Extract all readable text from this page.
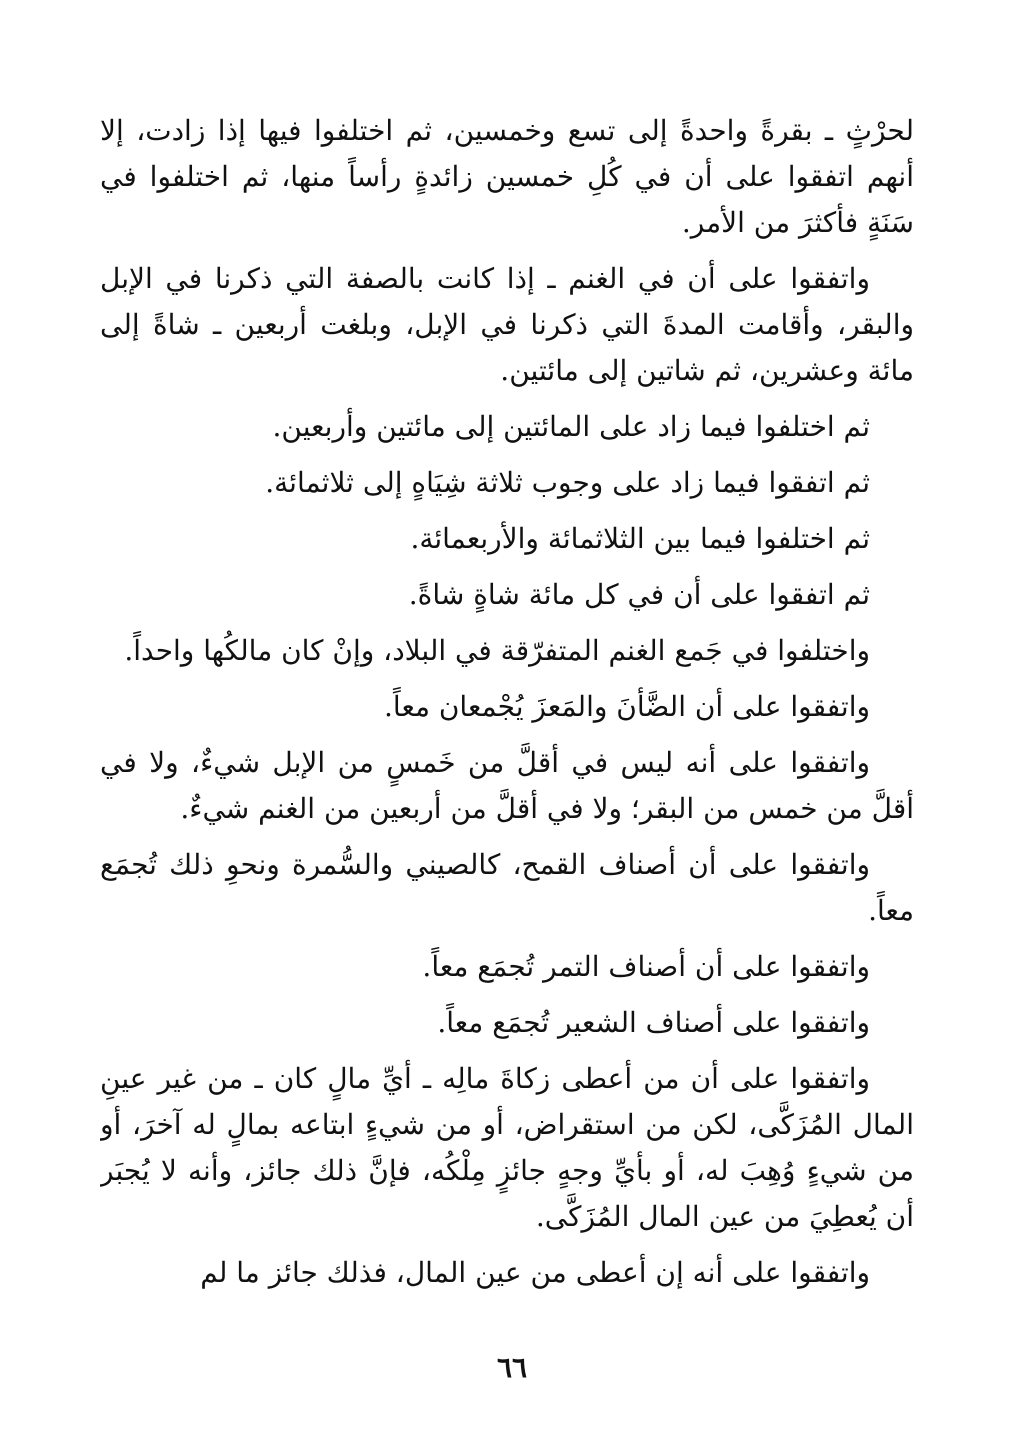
لحرْثٍ ـ بقرةً واحدةً إلى تسع وخمسين، ثم اختلفوا فيها إذا زادت، إلا أنهم اتفقوا على أن في كُلِ خمسين زائدةٍ رأساً منها، ثم اختلفوا في سَنَةٍ فأكثرَ من الأمر.

واتفقوا على أن في الغنم ـ إذا كانت بالصفة التي ذكرنا في الإبل والبقر، وأقامت المدةَ التي ذكرنا في الإبل، وبلغت أربعين ـ شاةً إلى مائة وعشرين، ثم شاتين إلى مائتين.

ثم اختلفوا فيما زاد على المائتين إلى مائتين وأربعين.

ثم اتفقوا فيما زاد على وجوب ثلاثة شِيَاهٍ إلى ثلاثمائة.

ثم اختلفوا فيما بين الثلاثمائة والأربعمائة.

ثم اتفقوا على أن في كل مائة شاةٍ شاةً.

واختلفوا في جَمع الغنم المتفرّقة في البلاد، وإنْ كان مالكُها واحداً.

واتفقوا على أن الضَّأنَ والمَعزَ يُجْمعان معاً.

واتفقوا على أنه ليس في أقلَّ من خَمسٍ من الإبل شيءٌ، ولا في أقلَّ من خمس من البقر؛ ولا في أقلَّ من أربعين من الغنم شيءٌ.

واتفقوا على أن أصناف القمح، كالصيني والسُّمرة ونحوِ ذلك تُجمَع معاً.

واتفقوا على أن أصناف التمر تُجمَع معاً.

واتفقوا على أصناف الشعير تُجمَع معاً.

واتفقوا على أن من أعطى زكاةَ مالِه ـ أيِّ مالٍ كان ـ من غير عينِ المال المُزَكَّى، لكن من استقراض، أو من شيءٍ ابتاعه بمالٍ له آخرَ، أو من شيءٍ وُهِبَ له، أو بأيِّ وجهٍ جائزٍ مِلْكُه، فإنَّ ذلك جائز، وأنه لا يُجبَر أن يُعطِيَ من عين المال المُزَكَّى.

واتفقوا على أنه إن أعطى من عين المال، فذلك جائز ما لم

٦٦
